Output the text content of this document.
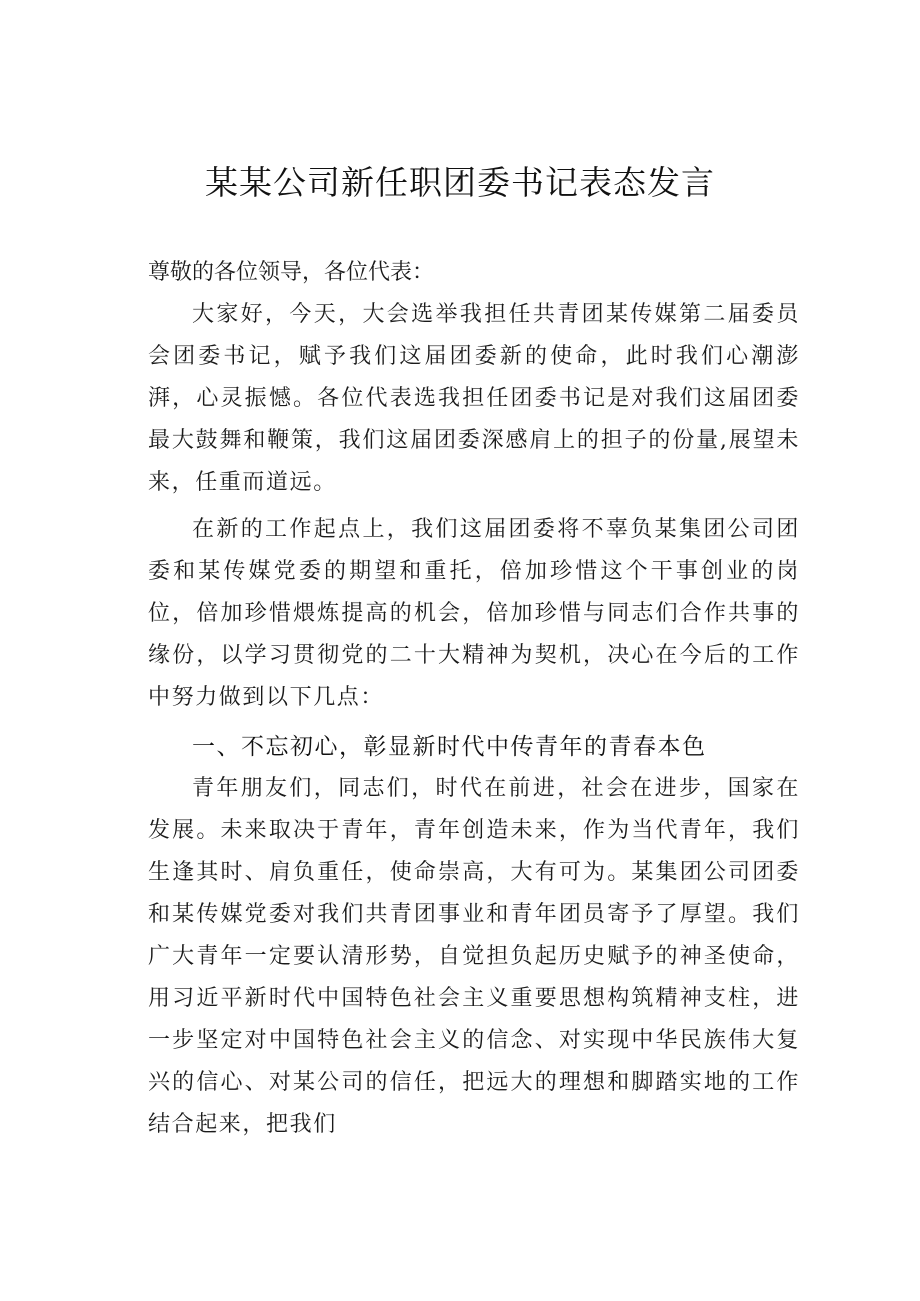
某某公司新任职团委书记表态发言
尊敬的各位领导，各位代表：
大家好，今天，大会选举我担任共青团某传媒第二届委员会团委书记，赋予我们这届团委新的使命，此时我们心潮澎湃，心灵振憾。各位代表选我担任团委书记是对我们这届团委最大鼓舞和鞭策，我们这届团委深感肩上的担子的份量,展望未来，任重而道远。
在新的工作起点上，我们这届团委将不辜负某集团公司团委和某传媒党委的期望和重托，倍加珍惜这个干事创业的岗位，倍加珍惜煨炼提高的机会，倍加珍惜与同志们合作共事的缘份，以学习贯彻党的二十大精神为契机，决心在今后的工作中努力做到以下几点：
一、不忘初心，彰显新时代中传青年的青春本色
青年朋友们，同志们，时代在前进，社会在进步，国家在发展。未来取决于青年，青年创造未来，作为当代青年，我们生逢其时、肩负重任，使命崇高，大有可为。某集团公司团委和某传媒党委对我们共青团事业和青年团员寄予了厚望。我们广大青年一定要认清形势，自觉担负起历史赋予的神圣使命，用习近平新时代中国特色社会主义重要思想构筑精神支柱，进一步坚定对中国特色社会主义的信念、对实现中华民族伟大复兴的信心、对某公司的信任，把远大的理想和脚踏实地的工作结合起来，把我们
